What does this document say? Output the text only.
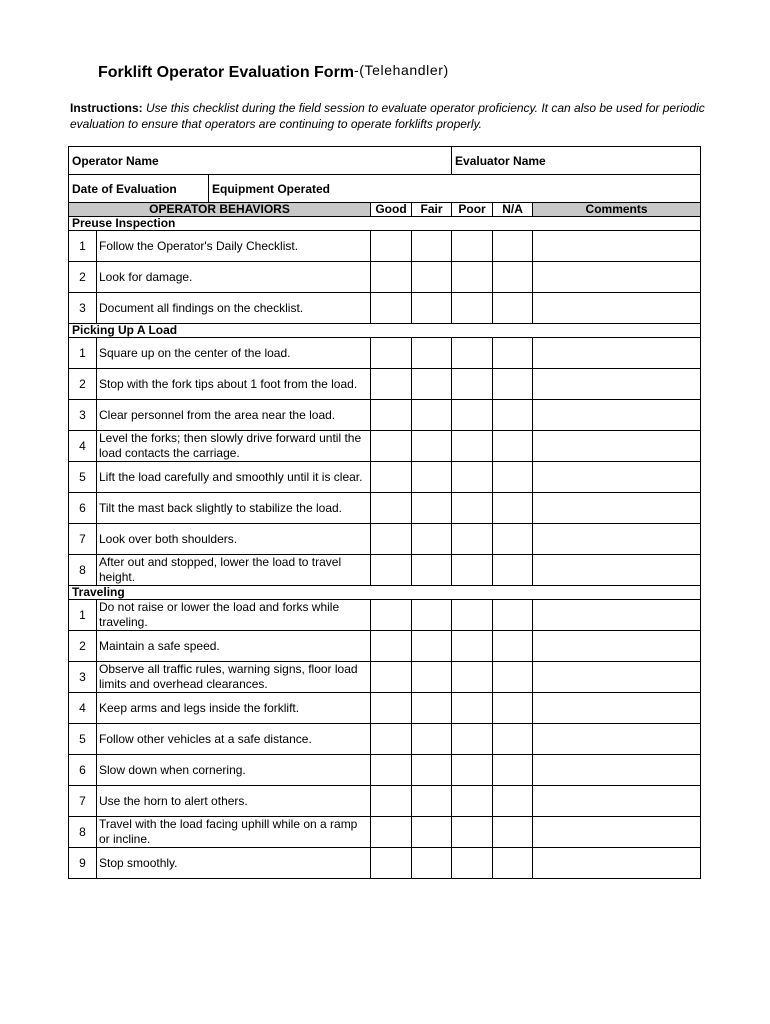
Forklift Operator Evaluation Form-(Telehandler)
Instructions: Use this checklist during the field session to evaluate operator proficiency. It can also be used for periodic evaluation to ensure that operators are continuing to operate forklifts properly.
Operator Name					Evaluator Name		
Date of Evaluation		Equipment Operated					
OPERATOR BEHAVIORS			Good	Fair	Poor	N/A	Comments
Preuse Inspection							
1	Follow the Operator's Daily Checklist.						
2	Look for damage.						
3	Document all findings on the checklist.						
Picking Up A Load							
1	Square up on the center of the load.						
2	Stop with the fork tips about 1 foot from the load.						
3	Clear personnel from the area near the load.						
4	Level the forks; then slowly drive forward until the load contacts the carriage.						
5	Lift the load carefully and smoothly until it is clear.						
6	Tilt the mast back slightly to stabilize the load.						
7	Look over both shoulders.						
8	After out and stopped, lower the load to travel height.						
Traveling							
1	Do not raise or lower the load and forks while traveling.						
2	Maintain a safe speed.						
3	Observe all traffic rules, warning signs, floor load limits and overhead clearances.						
4	Keep arms and legs inside the forklift.						
5	Follow other vehicles at a safe distance.						
6	Slow down when cornering.						
7	Use the horn to alert others.						
8	Travel with the load facing uphill while on a ramp or incline.						
9	Stop smoothly.						
